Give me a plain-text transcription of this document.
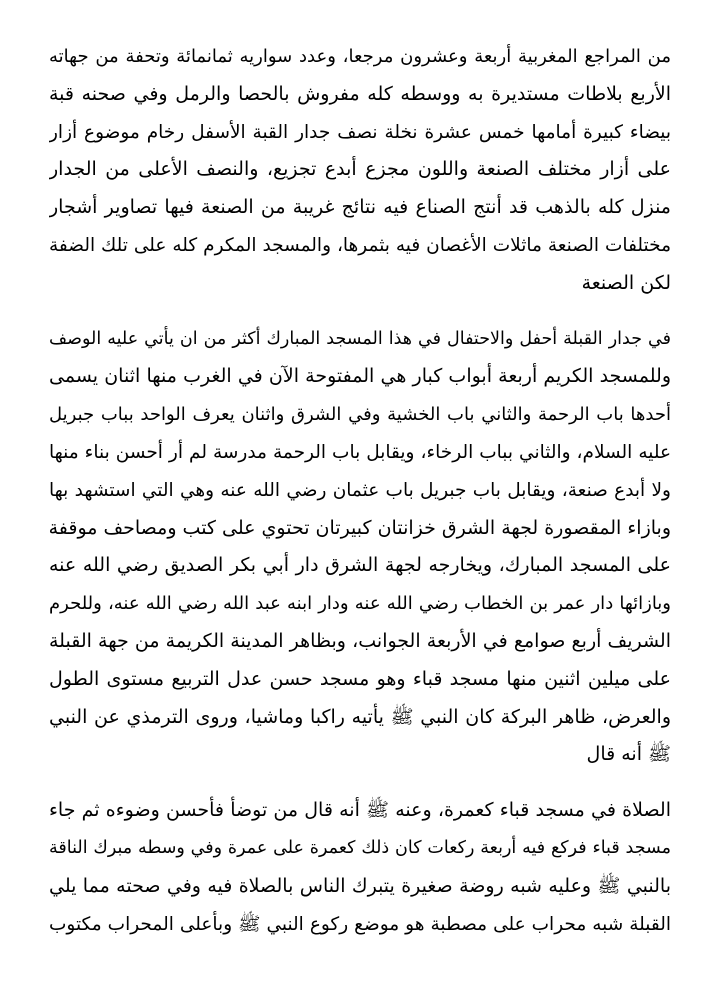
من المراجع المغربية أربعة وعشرون مرجعا، وعدد سواريه ثمانمائة وتحفة من جهاته
الأربع بلاطات مستديرة به ووسطه كله مفروش بالحصا والرمل وفي صحنه قبة
بيضاء كبيرة أمامها خمس عشرة نخلة نصف جدار القبة الأسفل رخام موضوع أزار
على أزار مختلف الصنعة واللون مجزع أبدع تجزيع، والنصف الأعلى من الجدار
منزل كله بالذهب قد أنتج الصناع فيه نتائج غريبة من الصنعة فيها تصاوير أشجار
مختلفات الصنعة ماثلات الأغصان فيه بثمرها، والمسجد المكرم كله على تلك الضفة
لكن الصنعة

في جدار القبلة أحفل والاحتفال في هذا المسجد المبارك أكثر من ان يأتي عليه الوصف
وللمسجد الكريم أربعة أبواب كبار هي المفتوحة الآن في الغرب منها اثنان يسمى
أحدها باب الرحمة والثاني باب الخشية وفي الشرق واثنان يعرف الواحد بباب جبريل
عليه السلام، والثاني بباب الرخاء، ويقابل باب الرحمة مدرسة لم أر أحسن بناء منها
ولا أبدع صنعة، ويقابل باب جبريل باب عثمان رضي الله عنه وهي التي استشهد بها
وبازاء المقصورة لجهة الشرق خزانتان كبيرتان تحتوي على كتب ومصاحف موقفة
على المسجد المبارك، ويخارجه لجهة الشرق دار أبي بكر الصديق رضي الله عنه
وبازائها دار عمر بن الخطاب رضي الله عنه ودار ابنه عبد الله رضي الله عنه، وللحرم
الشريف أربع صوامع في الأربعة الجوانب، وبظاهر المدينة الكريمة من جهة القبلة
على ميلين اثنين منها مسجد قباء وهو مسجد حسن عدل التربيع مستوى الطول
والعرض، ظاهر البركة كان النبي ﷺ يأتيه راكبا وماشيا، وروى الترمذي عن النبي
ﷺ أنه قال

الصلاة في مسجد قباء كعمرة، وعنه ﷺ أنه قال من توضأ فأحسن وضوءه ثم جاء
مسجد قباء فركع فيه أربعة ركعات كان ذلك كعمرة على عمرة وفي وسطه مبرك الناقة
بالنبي ﷺ وعليه شبه روضة صغيرة يتبرك الناس بالصلاة فيه وفي صحته مما يلي
القبلة شبه محراب على مصطبة هو موضع ركوع النبي ﷺ وبأعلى المحراب مكتوب
